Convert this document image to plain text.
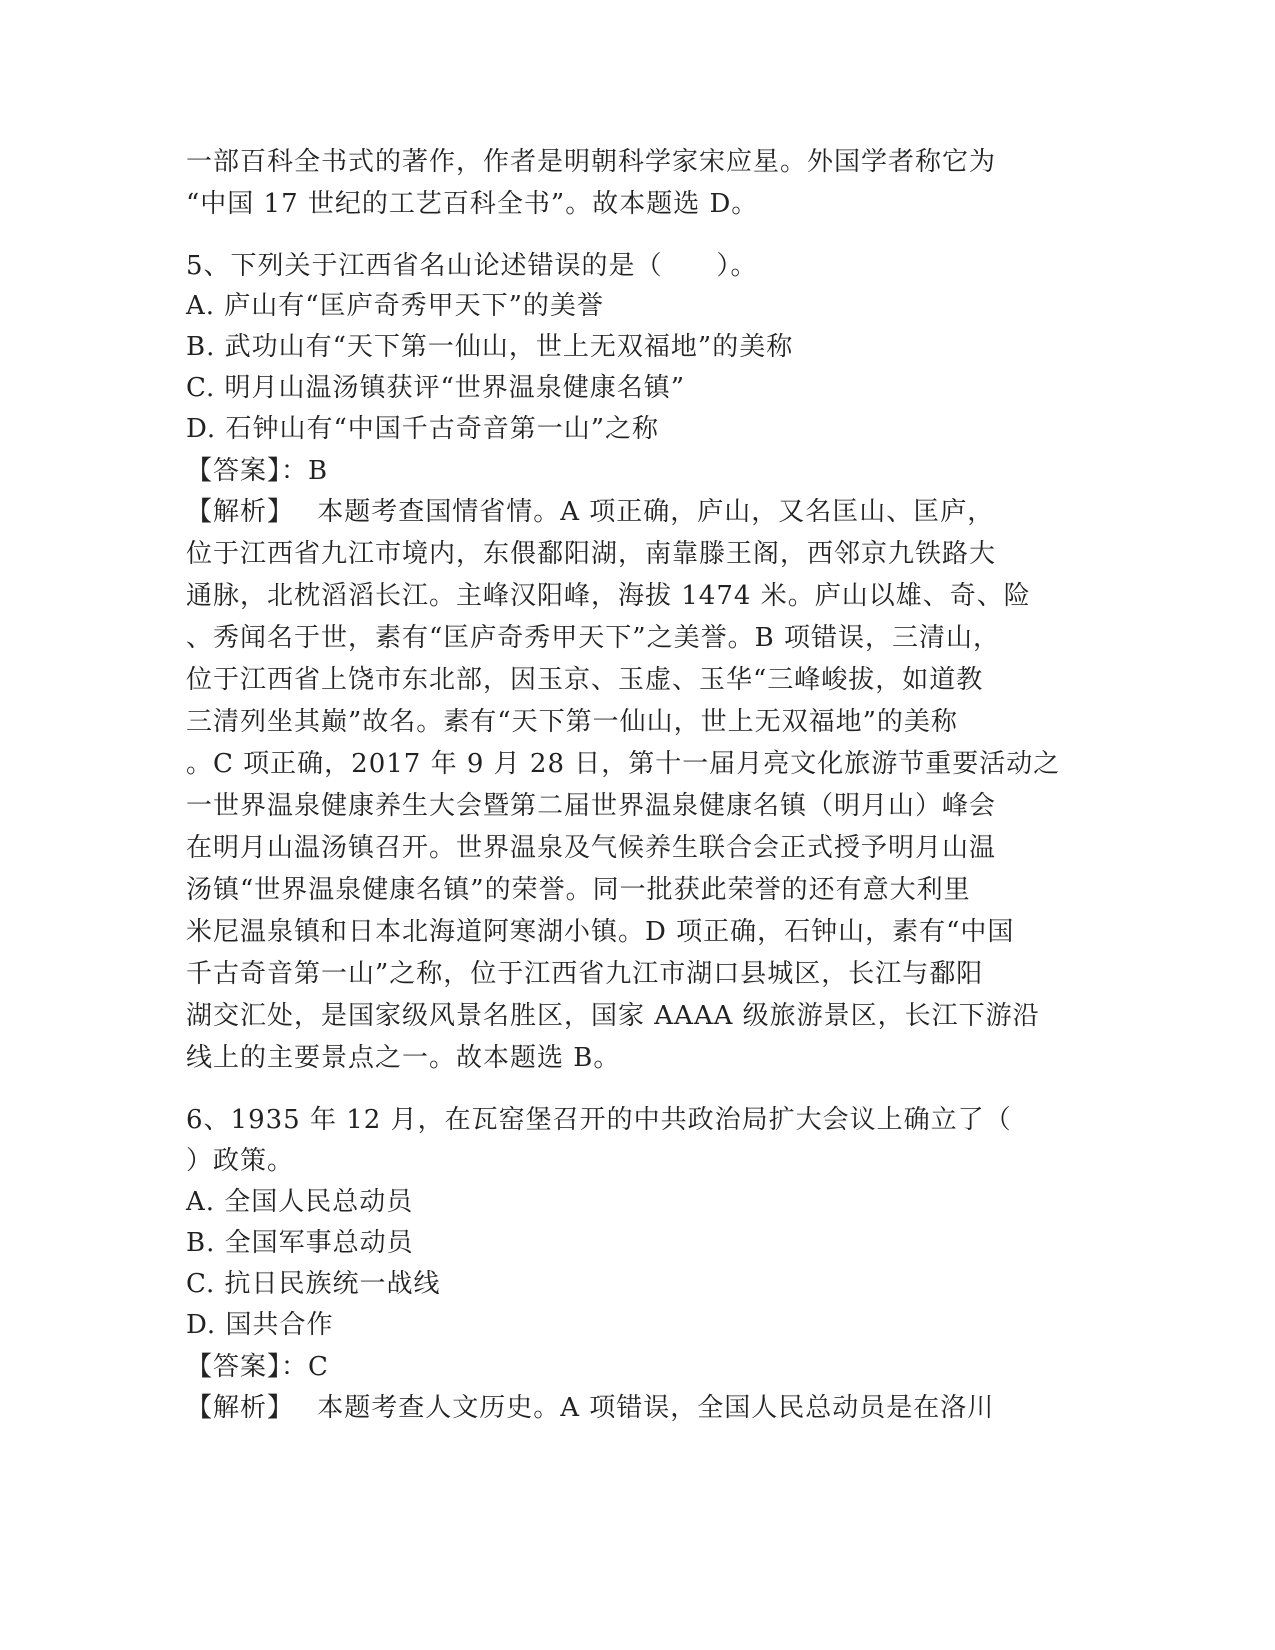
一部百科全书式的著作，作者是明朝科学家宋应星。外国学者称它为
“中国 17 世纪的工艺百科全书”。故本题选 D。
5、下列关于江西省名山论述错误的是（　　）。
A. 庐山有“匡庐奇秀甲天下”的美誉
B. 武功山有“天下第一仙山，世上无双福地”的美称
C. 明月山温汤镇获评“世界温泉健康名镇”
D. 石钟山有“中国千古奇音第一山”之称
【答案】：B
【解析】　 本题考查国情省情。A 项正确，庐山，又名匡山、匡庐，
位于江西省九江市境内，东偎鄱阳湖，南靠滕王阁，西邻京九铁路大
通脉，北枕滔滔长江。主峰汉阳峰，海拔 1474 米。庐山以雄、奇、险
、秀闻名于世，素有“匡庐奇秀甲天下”之美誉。B 项错误，三清山，
位于江西省上饶市东北部，因玉京、玉虚、玉华“三峰峻拔，如道教
三清列坐其巅”故名。素有“天下第一仙山，世上无双福地”的美称
。C 项正确，2017 年 9 月 28 日，第十一届月亮文化旅游节重要活动之
一世界温泉健康养生大会暨第二届世界温泉健康名镇（明月山）峰会
在明月山温汤镇召开。世界温泉及气候养生联合会正式授予明月山温
汤镇“世界温泉健康名镇”的荣誉。同一批获此荣誉的还有意大利里
米尼温泉镇和日本北海道阿寒湖小镇。D 项正确，石钟山，素有“中国
千古奇音第一山”之称，位于江西省九江市湖口县城区，长江与鄱阳
湖交汇处，是国家级风景名胜区，国家 AAAA 级旅游景区，长江下游沿
线上的主要景点之一。故本题选 B。
6、1935 年 12 月，在瓦窑堡召开的中共政治局扩大会议上确立了（
）政策。
A. 全国人民总动员
B. 全国军事总动员
C. 抗日民族统一战线
D. 国共合作
【答案】：C
【解析】　 本题考查人文历史。A 项错误，全国人民总动员是在洛川
